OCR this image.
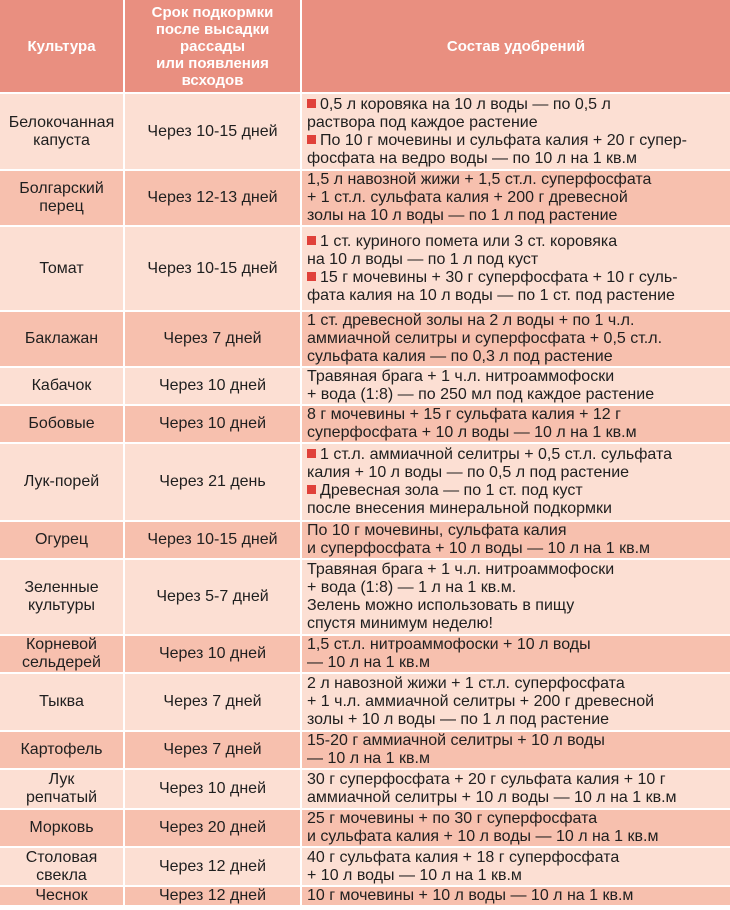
Культура	Срок подкормки
после высадки
рассады
или появления
всходов	Состав удобрений

Белокочанная
капуста	Через 10-15 дней	0,5 л коровяка на 10 л воды — по 0,5 л
раствора под каждое растение
По 10 г мочевины и сульфата калия + 20 г супер-
фосфата на ведро воды — по 10 л на 1 кв.м

Болгарский
перец	Через 12-13 дней	1,5 л навозной жижи + 1,5 ст.л. суперфосфата
+ 1 ст.л. сульфата калия + 200 г древесной
золы на 10 л воды — по 1 л под растение

Томат	Через 10-15 дней	1 ст. куриного помета или 3 ст. коровяка
на 10 л воды — по 1 л под куст
15 г мочевины + 30 г суперфосфата + 10 г суль-
фата калия на 10 л воды — по 1 ст. под растение

Баклажан	Через 7 дней	1 ст. древесной золы на 2 л воды + по 1 ч.л.
аммиачной селитры и суперфосфата + 0,5 ст.л.
сульфата калия — по 0,3 л под растение

Кабачок	Через 10 дней	Травяная брага + 1 ч.л. нитроаммофоски
+ вода (1:8) — по 250 мл под каждое растение

Бобовые	Через 10 дней	8 г мочевины + 15 г сульфата калия + 12 г
суперфосфата + 10 л воды — 10 л на 1 кв.м

Лук-порей	Через 21 день	1 ст.л. аммиачной селитры + 0,5 ст.л. сульфата
калия + 10 л воды — по 0,5 л под растение
Древесная зола — по 1 ст. под куст
после внесения минеральной подкормки

Огурец	Через 10-15 дней	По 10 г мочевины, сульфата калия
и суперфосфата + 10 л воды — 10 л на 1 кв.м

Зеленные
культуры	Через 5-7 дней	Травяная брага + 1 ч.л. нитроаммофоски
+ вода (1:8) — 1 л на 1 кв.м.
Зелень можно использовать в пищу
спустя минимум неделю!

Корневой
сельдерей	Через 10 дней	1,5 ст.л. нитроаммофоски + 10 л воды
— 10 л на 1 кв.м

Тыква	Через 7 дней	2 л навозной жижи + 1 ст.л. суперфосфата
+ 1 ч.л. аммиачной селитры + 200 г древесной
золы + 10 л воды — по 1 л под растение

Картофель	Через 7 дней	15-20 г аммиачной селитры + 10 л воды
— 10 л на 1 кв.м

Лук
репчатый	Через 10 дней	30 г суперфосфата + 20 г сульфата калия + 10 г
аммиачной селитры + 10 л воды — 10 л на 1 кв.м

Морковь	Через 20 дней	25 г мочевины + по 30 г суперфосфата
и сульфата калия + 10 л воды — 10 л на 1 кв.м

Столовая
свекла	Через 12 дней	40 г сульфата калия + 18 г суперфосфата
+ 10 л воды — 10 л на 1 кв.м

Чеснок	Через 12 дней	10 г мочевины + 10 л воды — 10 л на 1 кв.м
